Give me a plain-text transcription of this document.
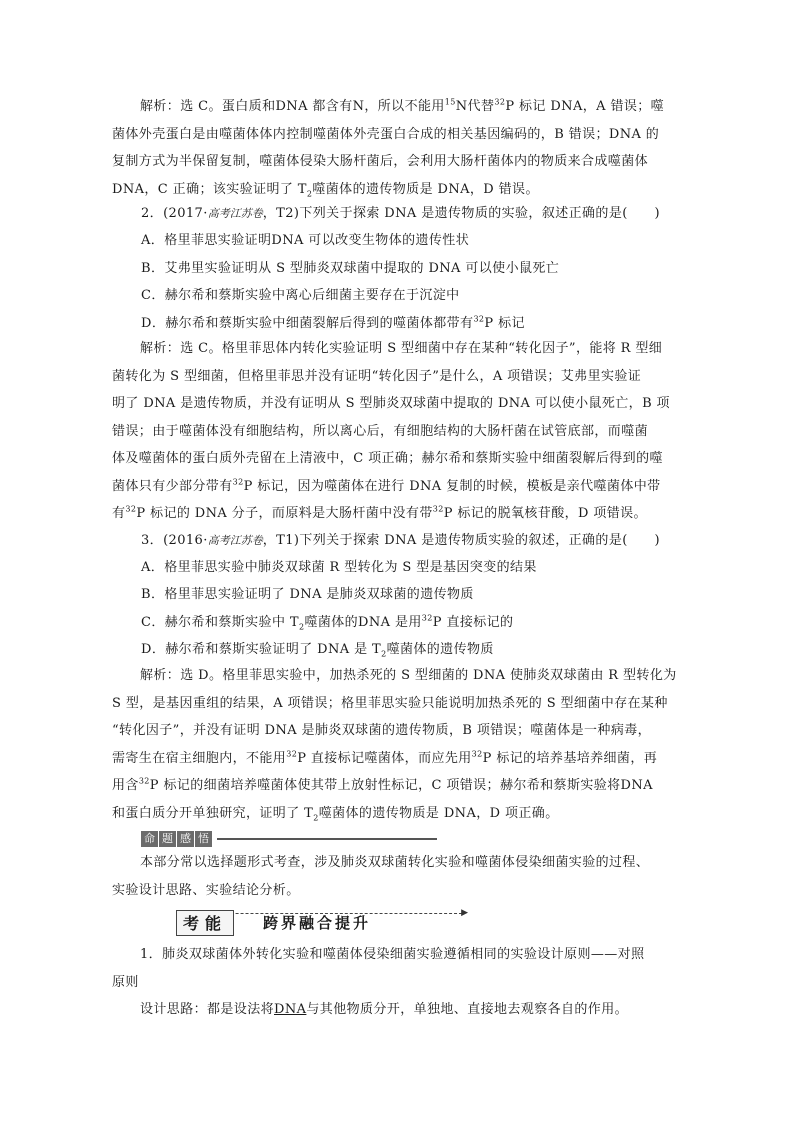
解析：选 C。蛋白质和DNA 都含有N，所以不能用$^{15}$N代替$^{32}$P 标记 DNA，A 错误；噬

菌体外壳蛋白是由噬菌体体内控制噬菌体外壳蛋白合成的相关基因编码的，B 错误；DNA 的

复制方式为半保留复制，噬菌体侵染大肠杆菌后，会利用大肠杆菌体内的物质来合成噬菌体

DNA，C 正确；该实验证明了 $T_2$噬菌体的遗传物质是 DNA，D 错误。

2．(2017·高考江苏卷，T2)下列关于探索 DNA 是遗传物质的实验，叙述正确的是(　　)
A．格里菲思实验证明DNA 可以改变生物体的遗传性状
B．艾弗里实验证明从 S 型肺炎双球菌中提取的 DNA 可以使小鼠死亡
C．赫尔希和蔡斯实验中离心后细菌主要存在于沉淀中
D．赫尔希和蔡斯实验中细菌裂解后得到的噬菌体都带有$^{32}$P 标记

解析：选 C。格里菲思体内转化实验证明 S 型细菌中存在某种“转化因子”，能将 R 型细

菌转化为 S 型细菌，但格里菲思并没有证明“转化因子”是什么，A 项错误；艾弗里实验证

明了 DNA 是遗传物质，并没有证明从 S 型肺炎双球菌中提取的 DNA 可以使小鼠死亡，B 项

错误；由于噬菌体没有细胞结构，所以离心后，有细胞结构的大肠杆菌在试管底部，而噬菌

体及噬菌体的蛋白质外壳留在上清液中，C 项正确；赫尔希和蔡斯实验中细菌裂解后得到的噬

菌体只有少部分带有$^{32}$P 标记，因为噬菌体在进行 DNA 复制的时候，模板是亲代噬菌体中带

有$^{32}$P 标记的 DNA 分子，而原料是大肠杆菌中没有带$^{32}$P 标记的脱氧核苷酸，D 项错误。

3．(2016·高考江苏卷，T1)下列关于探索 DNA 是遗传物质实验的叙述，正确的是(　　)
A．格里菲思实验中肺炎双球菌 R 型转化为 S 型是基因突变的结果
B．格里菲思实验证明了 DNA 是肺炎双球菌的遗传物质
C．赫尔希和蔡斯实验中 $T_2$噬菌体的DNA 是用$^{32}$P 直接标记的
D．赫尔希和蔡斯实验证明了 DNA 是 $T_2$噬菌体的遗传物质

解析：选 D。格里菲思实验中，加热杀死的 S 型细菌的 DNA 使肺炎双球菌由 R 型转化为

S 型，是基因重组的结果，A 项错误；格里菲思实验只能说明加热杀死的 S 型细菌中存在某种

“转化因子”，并没有证明 DNA 是肺炎双球菌的遗传物质，B 项错误；噬菌体是一种病毒，

需寄生在宿主细胞内，不能用$^{32}$P 直接标记噬菌体，而应先用$^{32}$P 标记的培养基培养细菌，再

用含$^{32}$P 标记的细菌培养噬菌体使其带上放射性标记，C 项错误；赫尔希和蔡斯实验将DNA

和蛋白质分开单独研究，证明了 $T_2$噬菌体的遗传物质是 DNA，D 项正确。

命 题 感 悟

本部分常以选择题形式考查，涉及肺炎双球菌转化实验和噬菌体侵染细菌实验的过程、

实验设计思路、实验结论分析。

▶
考能	跨界融合提升

1．肺炎双球菌体外转化实验和噬菌体侵染细菌实验遵循相同的实验设计原则——对照

原则

设计思路：都是设法将DNA与其他物质分开，单独地、直接地去观察各自的作用。
